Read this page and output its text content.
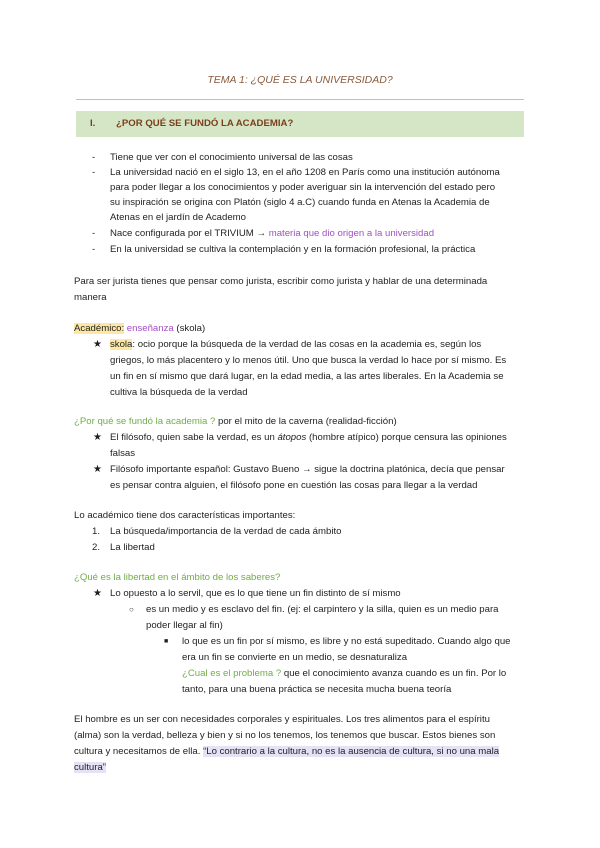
TEMA 1: ¿QUÉ ES LA UNIVERSIDAD?
I. ¿POR QUÉ SE FUNDÓ LA ACADEMIA?
- Tiene que ver con el conocimiento universal de las cosas
- La universidad nació en el siglo 13, en el año 1208 en París como una institución autónoma
para poder llegar a los conocimientos y poder averiguar sin la intervención del estado pero
su inspiración se origina con Platón (siglo 4 a.C) cuando funda en Atenas la Academia de
Atenas en el jardín de Academo
- Nace configurada por el TRIVIUM → materia que dio origen a la universidad
- En la universidad se cultiva la contemplación y en la formación profesional, la práctica
Para ser jurista tienes que pensar como jurista, escribir como jurista y hablar de una determinada
manera
Académico: enseñanza (skola)
★ skola: ocio porque la búsqueda de la verdad de las cosas en la academia es, según los
griegos, lo más placentero y lo menos útil. Uno que busca la verdad lo hace por sí mismo. Es
un fin en sí mismo que dará lugar, en la edad media, a las artes liberales. En la Academia se
cultiva la búsqueda de la verdad
¿Por qué se fundó la academia ? por el mito de la caverna (realidad-ficción)
★ El filósofo, quien sabe la verdad, es un átopos (hombre atípico) porque censura las opiniones
falsas
★ Filósofo importante español: Gustavo Bueno → sigue la doctrina platónica, decía que pensar
es pensar contra alguien, el filósofo pone en cuestión las cosas para llegar a la verdad
Lo académico tiene dos características importantes:
1. La búsqueda/importancia de la verdad de cada ámbito
2. La libertad
¿Qué es la libertad en el ámbito de los saberes?
★ Lo opuesto a lo servil, que es lo que tiene un fin distinto de sí mismo
○ es un medio y es esclavo del fin. (ej: el carpintero y la silla, quien es un medio para
poder llegar al fin)
■ lo que es un fin por sí mismo, es libre y no está supeditado. Cuando algo que
era un fin se convierte en un medio, se desnaturaliza
¿Cual es el problema ? que el conocimiento avanza cuando es un fin. Por lo
tanto, para una buena práctica se necesita mucha buena teoría
El hombre es un ser con necesidades corporales y espirituales. Los tres alimentos para el espíritu
(alma) son la verdad, belleza y bien y si no los tenemos, los tenemos que buscar. Estos bienes son
cultura y necesitamos de ella. “Lo contrario a la cultura, no es la ausencia de cultura, si no una mala
cultura”
